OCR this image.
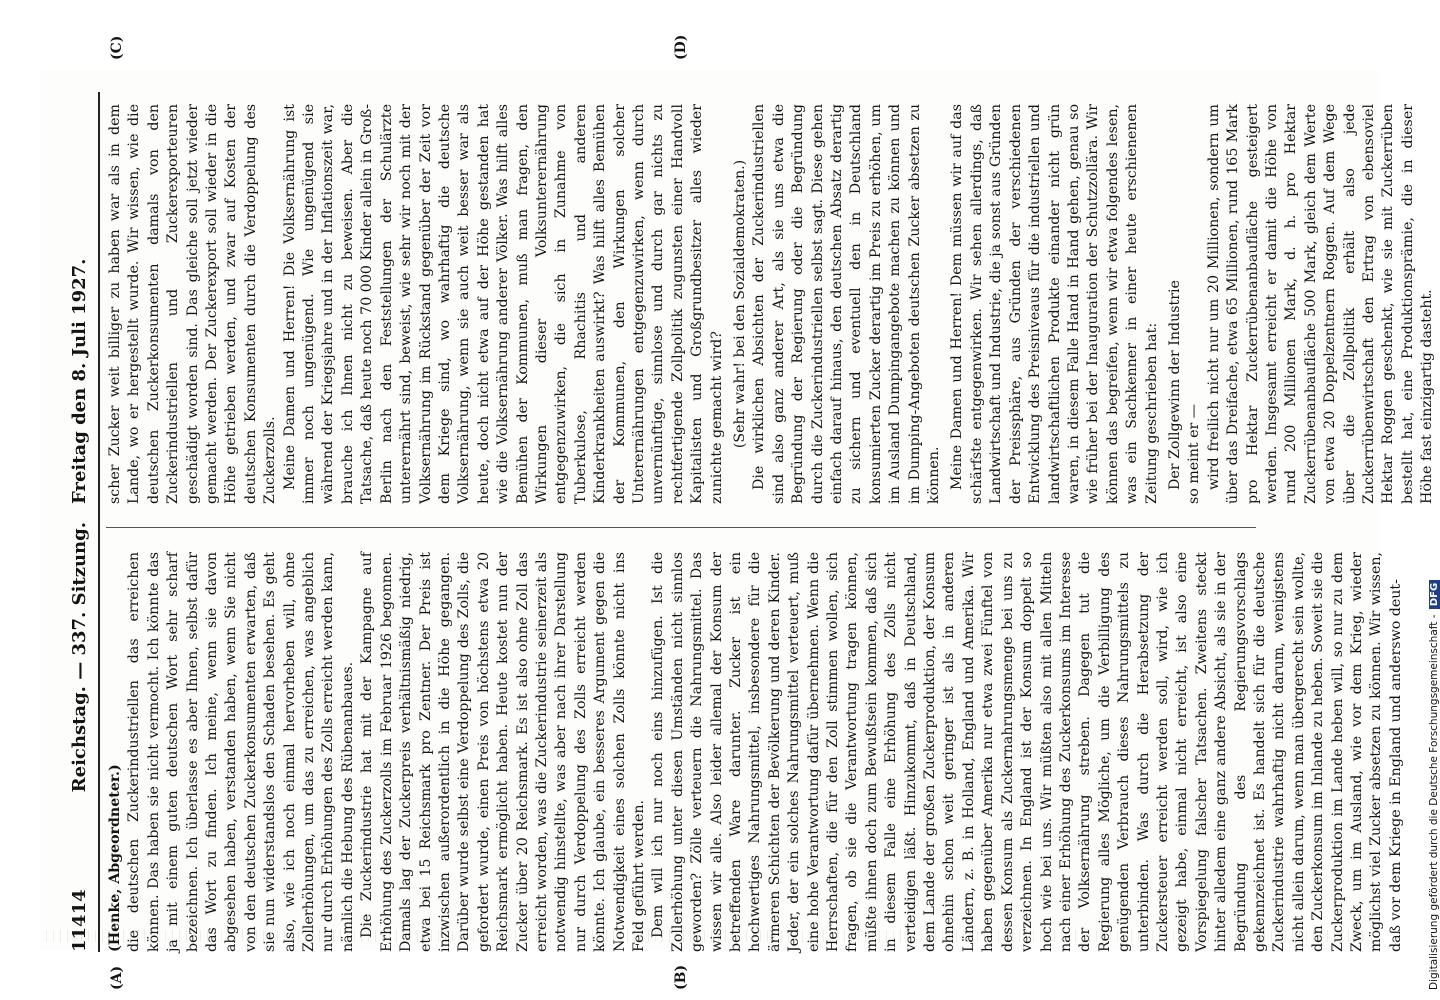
11414
Reichstag. — 337. Sitzung.
Freitag den 8. Juli 1927.
(A)	(B)
(C)	(D)

(Henke, Abgeordneter.) die deutschen Zuckerindustriellen das erreichen können. Das haben sie nicht vermocht. Ich könnte das ja mit einem guten deutschen Wort sehr scharf bezeichnen. Ich überlasse es aber Ihnen, selbst dafür das Wort zu finden. Ich meine, wenn sie davon abgesehen haben, verstanden haben, wenn Sie nicht von den deutschen Zuckerkonsumenten erwarten, daß sie nun widerstandslos den Schaden besehen. Es geht also, wie ich noch einmal hervorheben will, ohne Zollerhöhungen, um das zu erreichen, was angeblich nur durch Erhöhungen des Zolls erreicht werden kann, nämlich die Hebung des Rübenanbaues. Die Zuckerindustrie hat mit der Kampagne auf Erhöhung des Zuckerzolls im Februar 1926 begonnen. Damals lag der Zuckerpreis verhältnismäßig niedrig, etwa bei 15 Reichsmark pro Zentner. Der Preis ist inzwischen außerordentlich in die Höhe gegangen. Darüber wurde selbst eine Verdoppelung des Zolls, die gefordert wurde, einen Preis von höchstens etwa 20 Reichsmark ermöglicht haben. Heute kostet nun der Zucker über 20 Reichsmark. Es ist also ohne Zoll das erreicht worden, was die Zuckerindustrie seinerzeit als notwendig hinstellte, was aber nach ihrer Darstellung nur durch Verdoppelung des Zolls erreicht werden könnte. Ich glaube, ein besseres Argument gegen die Notwendigkeit eines solchen Zolls könnte nicht ins Feld geführt werden. Dem will ich nur noch eins hinzufügen. Ist die Zollerhöhung unter diesen Umständen nicht sinnlos geworden? Zölle verteuern die Nahrungsmittel. Das wissen wir alle. Also leider allemal der Konsum der betreffenden Ware darunter. Zucker ist ein hochwertiges Nahrungsmittel, insbesondere für die ärmeren Schichten der Bevölkerung und deren Kinder. Jeder, der ein solches Nahrungsmittel verteuert, muß eine hohe Verantwortung dafür übernehmen. Wenn die Herrschaften, die für den Zoll stimmen wollen, sich fragen, ob sie die Verantwortung tragen können, müßte ihnen doch zum Bewußtsein kommen, daß sich in diesem Falle eine Erhöhung des Zolls nicht verteidigen läßt. Hinzukommt, daß in Deutschland, dem Lande der großen Zuckerproduktion, der Konsum ohnehin schon weit geringer ist als in anderen Ländern, z. B. in Holland, England und Amerika. Wir haben gegenüber Amerika nur etwa zwei Fünftel von dessen Konsum als Zuckernahrungsmenge bei uns zu verzeichnen. In England ist der Konsum doppelt so hoch wie bei uns. Wir müßten also mit allen Mitteln nach einer Erhöhung des Zuckerkonsums im Interesse der Volksernährung streben. Dagegen tut die Regierung alles Mögliche, um die Verbilligung des genügenden Verbrauch dieses Nahrungsmittels zu unterbinden. Was durch die Herabsetzung der Zuckersteuer erreicht werden soll, wird, wie ich gezeigt habe, einmal nicht erreicht, ist also eine Vorspiegelung falscher Tatsachen. Zweitens steckt hinter alledem eine ganz andere Absicht, als sie in der Begründung des Regierungsvorschlags gekennzeichnet ist. Es handelt sich für die deutsche Zuckerindustrie wahrhaftig nicht darum, wenigstens nicht allein darum, wenn man übergerecht sein wollte, den Zuckerkonsum im Inlande zu heben. Soweit sie die Zuckerproduktion im Lande heben will, so nur zu dem Zweck, um im Ausland, wie vor dem Krieg, wieder möglichst viel Zucker absetzen zu können. Wir wissen, daß vor dem Kriege in England und anderswo deut-

scher Zucker weit billiger zu haben war als in dem Lande, wo er hergestellt wurde. Wir wissen, wie die deutschen Zuckerkonsumenten damals von den Zuckerindustriellen und Zuckerexporteuren geschädigt worden sind. Das gleiche soll jetzt wieder gemacht werden. Der Zuckerexport soll wieder in die Höhe getrieben werden, und zwar auf Kosten der deutschen Konsumenten durch die Verdoppelung des Zuckerzolls. Meine Damen und Herren! Die Volksernährung ist immer noch ungenügend. Wie ungenügend sie während der Kriegsjahre und in der Inflationszeit war, brauche ich Ihnen nicht zu beweisen. Aber die Tatsache, daß heute noch 70 000 Kinder allein in Groß-Berlin nach den Feststellungen der Schulärzte unterernährt sind, beweist, wie sehr wir noch mit der Volksernährung im Rückstand gegenüber der Zeit vor dem Kriege sind, wo wahrhaftig die deutsche Volksernährung, wenn sie auch weit besser war als heute, doch nicht etwa auf der Höhe gestanden hat wie die Volksernährung anderer Völker. Was hilft alles Bemühen der Kommunen, muß man fragen, den Wirkungen dieser Volksunterernährung entgegenzuwirken, die sich in Zunahme von Tuberkulose, Rhachitis und anderen Kinderkrankheiten auswirkt? Was hilft alles Bemühen der Kommunen, den Wirkungen solcher Unterernährungen entgegenzuwirken, wenn durch unvernünftige, sinnlose und durch gar nichts zu rechtfertigende Zollpolitik zugunsten einer Handvoll Kapitalisten und Großgrundbesitzer alles wieder zunichte gemacht wird? (Sehr wahr! bei den Sozialdemokraten.) Die wirklichen Absichten der Zuckerindustriellen sind also ganz anderer Art, als sie uns etwa die Begründung der Regierung oder die Begründung durch die Zuckerindustriellen selbst sagt. Diese gehen einfach darauf hinaus, den deutschen Absatz derartig zu sichern und eventuell den in Deutschland konsumierten Zucker derartig im Preis zu erhöhen, um im Ausland Dumpingangebote machen zu können und im Dumping-Angeboten deutschen Zucker absetzen zu können. Meine Damen und Herren! Dem müssen wir auf das schärfste entgegenwirken. Wir sehen allerdings, daß Landwirtschaft und Industrie, die ja sonst aus Gründen der Preissphäre, aus Gründen der verschiedenen Entwicklung des Preisniveaus für die industriellen und landwirtschaftlichen Produkte einander nicht grün waren, in diesem Falle Hand in Hand gehen, genau so wie früher bei der Inauguration der Schutzzollära. Wir können das begreifen, wenn wir etwa folgendes lesen, was ein Sachkenner in einer heute erschienenen Zeitung geschrieben hat: Der Zollgewinn der Industrie so meint er — wird freilich nicht nur um 20 Millionen, sondern um über das Dreifache, etwa 65 Millionen, rund 165 Mark pro Hektar Zuckerrübenanbaufläche gesteigert werden. Insgesamt erreicht er damit die Höhe von rund 200 Millionen Mark, d. h. pro Hektar Zuckerrübenanbaufläche 500 Mark, gleich dem Werte von etwa 20 Doppelzentnern Roggen. Auf dem Wege über die Zollpolitik erhält also jede Zuckerrübenwirtschaft den Ertrag von ebensoviel Hektar Roggen geschenkt, wie sie mit Zuckerrüben bestellt hat, eine Produktionsprämie, die in dieser Höhe fast einzigartig dasteht.

Digitalisierung gefördert durch die Deutsche Forschungsgemeinschaft - DFG
